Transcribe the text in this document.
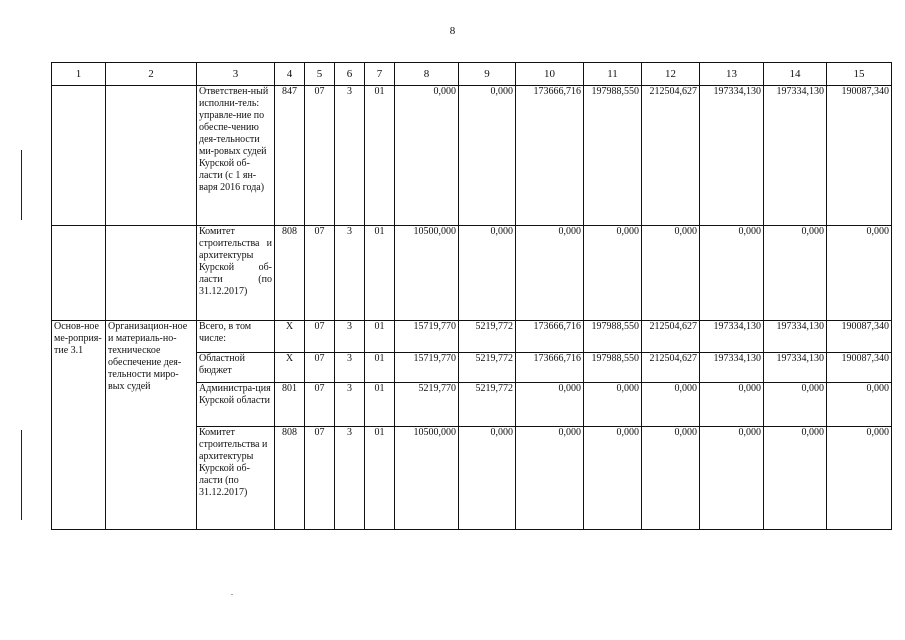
8
1	2	3	4	5	6	7	8	9	10	11	12	13	14	15
		Ответствен-ный исполни-тель: управле-ние по обеспе-чению дея-тельности ми-ровых судей Курской об-ласти (с 1 ян-варя 2016 года)	847	07	3	01	0,000	0,000	173666,716	197988,550	212504,627	197334,130	197334,130	190087,340
		Комитет строительства и архитектуры Курской об-ласти (по 31.12.2017)	808	07	3	01	10500,000	0,000	0,000	0,000	0,000	0,000	0,000	0,000
Основ-ное ме-роприя-тие 3.1	Организацион-ное и материаль-но-техническое обеспечение дея-тельности миро-вых судей	Всего, в том числе:	X	07	3	01	15719,770	5219,772	173666,716	197988,550	212504,627	197334,130	197334,130	190087,340
		Областной бюджет	X	07	3	01	15719,770	5219,772	173666,716	197988,550	212504,627	197334,130	197334,130	190087,340
		Администра-ция Курской области	801	07	3	01	5219,770	5219,772	0,000	0,000	0,000	0,000	0,000	0,000
		Комитет строительства и архитектуры Курской об-ласти (по 31.12.2017)	808	07	3	01	10500,000	0,000	0,000	0,000	0,000	0,000	0,000	0,000
.
